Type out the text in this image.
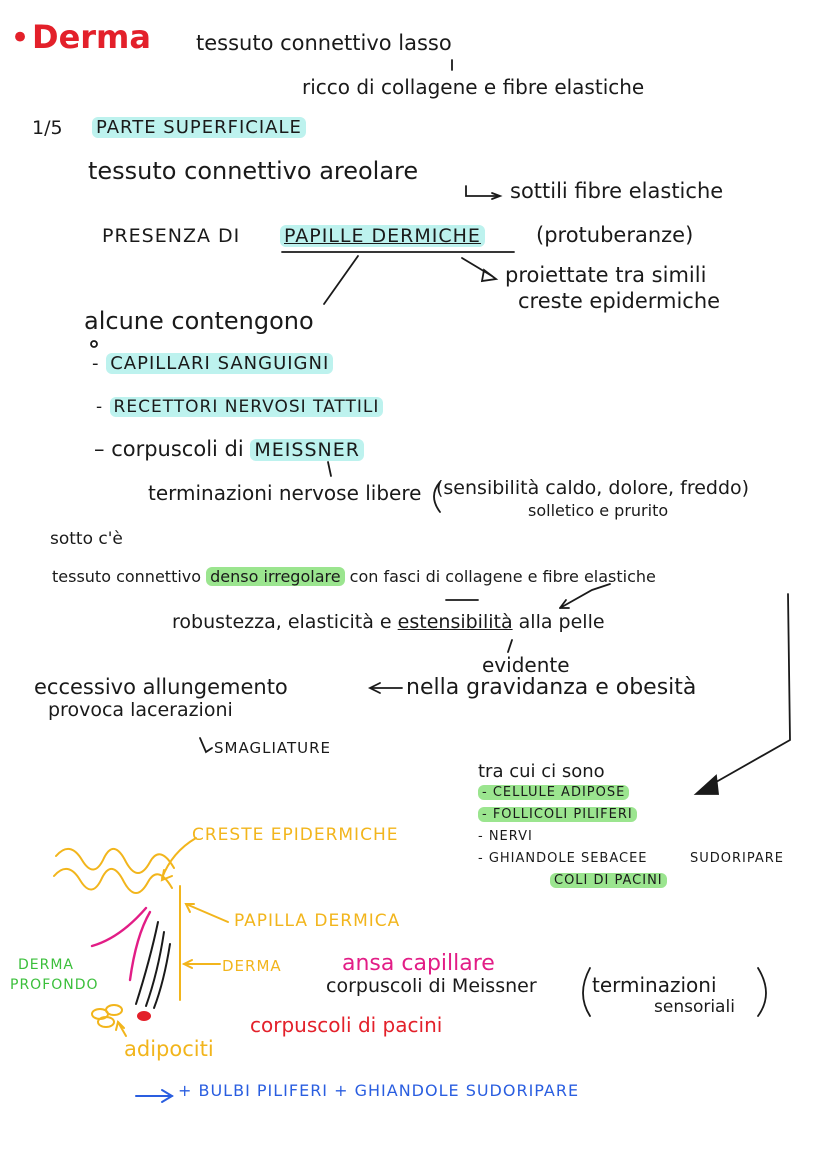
• Derma tessuto connettivo lasso
ricco di collagene e fibre elastiche
1/5 PARTE SUPERFICIALE
tessuto connettivo areolare
sottili fibre elastiche
PRESENZA DI PAPILLE DERMICHE	(protuberanze)
proiettate tra simili
creste epidermiche
alcune contengono
- CAPILLARI SANGUIGNI
- RECETTORI NERVOSI TATTILI
– corpuscoli di MEISSNER
terminazioni nervose libere (sensibilità caldo, dolore, freddo)
solletico e prurito
sotto c'è
tessuto connettivo denso irregolare con fasci di collagene e fibre elastiche
robustezza, elasticità e estensibilità alla pelle
evidente
nella gravidanza e obesità
eccessivo allungemento
provoca lacerazioni
SMAGLIATURE
tra cui ci sono
- CELLULE ADIPOSE
- FOLLICOLI PILIFERI
- NERVI
- GHIANDOLE SEBACEE	SUDORIPARE
COLI DI PACINI
CRESTE EPIDERMICHE
PAPILLA DERMICA
DERMA
DERMA
PROFONDO
ansa capillare
corpuscoli di Meissner	terminazioni
sensoriali
corpuscoli di pacini
adipociti
+ BULBI PILIFERI + GHIANDOLE SUDORIPARE
